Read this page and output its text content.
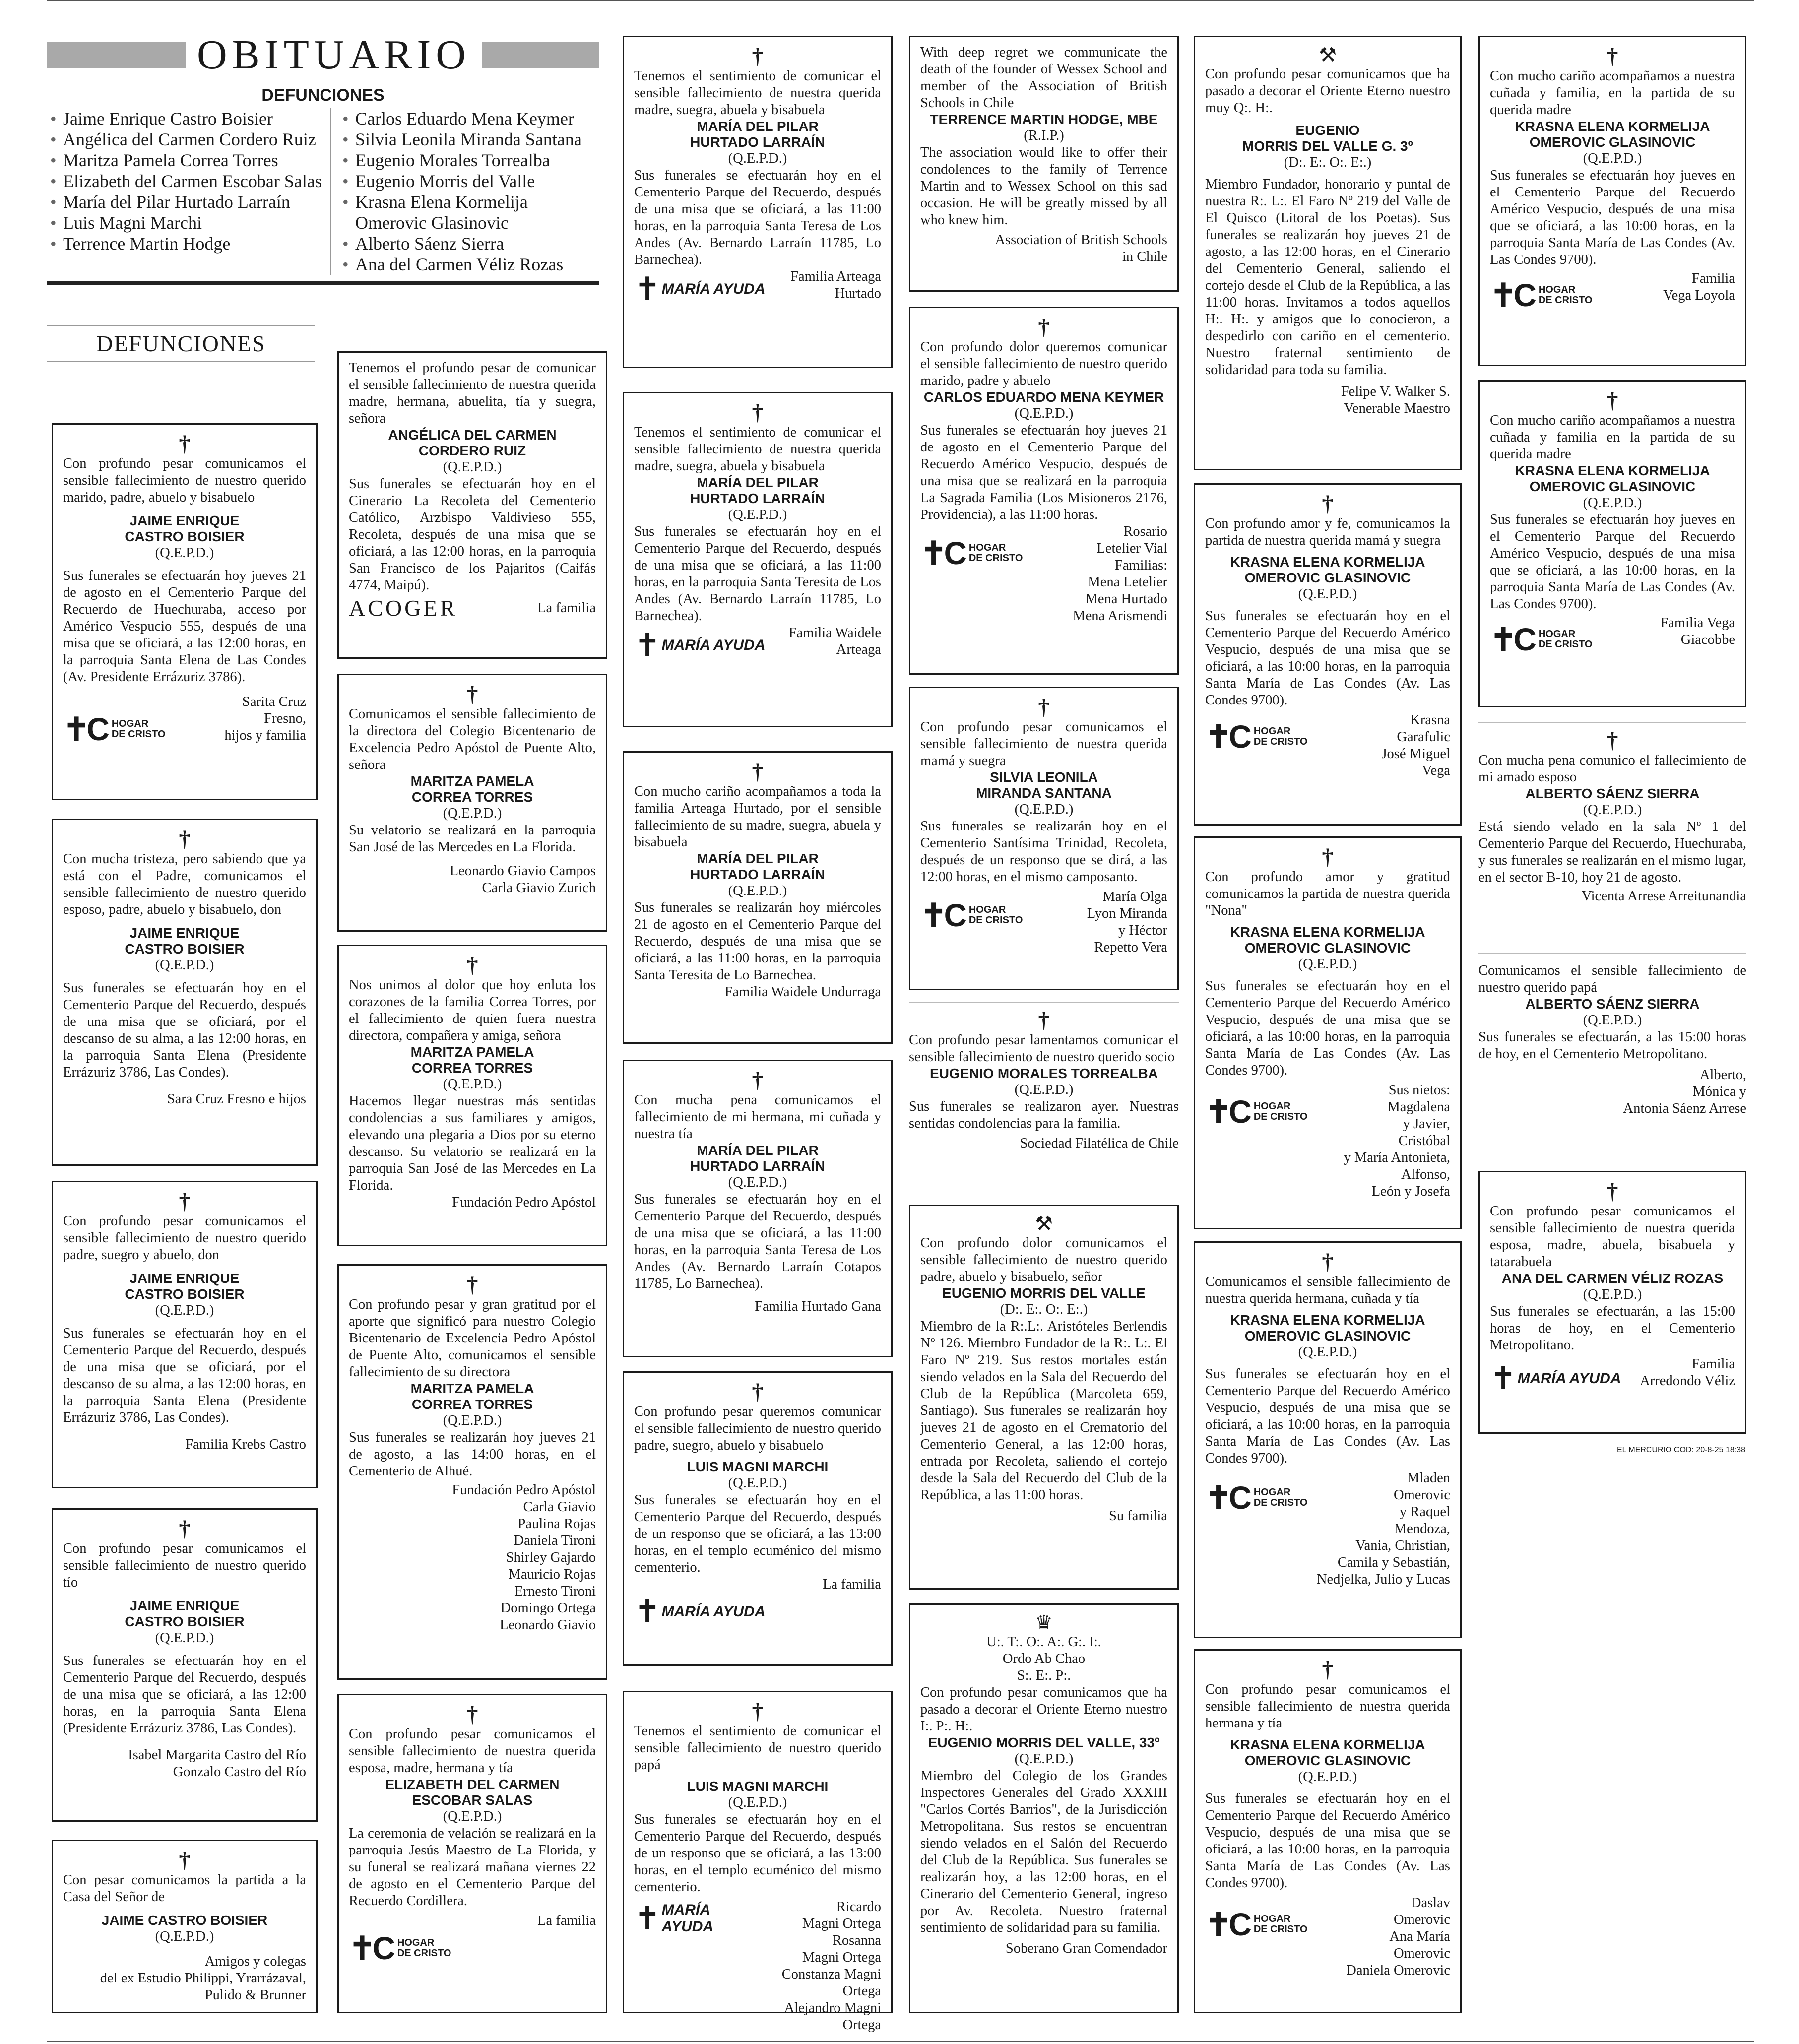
OBITUARIO
DEFUNCIONES
• Jaime Enrique Castro Boisier
• Angélica del Carmen Cordero Ruiz
• Maritza Pamela Correa Torres
• Elizabeth del Carmen Escobar Salas
• María del Pilar Hurtado Larraín
• Luis Magni Marchi
• Terrence Martin Hodge
• Carlos Eduardo Mena Keymer
• Silvia Leonila Miranda Santana
• Eugenio Morales Torrealba
• Eugenio Morris del Valle
• Krasna Elena Kormelija Omerovic Glasinovic
• Alberto Sáenz Sierra
• Ana del Carmen Véliz Rozas
DEFUNCIONES
†
Con profundo pesar comunicamos el sensible fallecimiento de nuestro querido marido, padre, abuelo y bisabuelo
JAIME ENRIQUE
CASTRO BOISIER
(Q.E.P.D.)
Sus funerales se efectuarán hoy jueves 21 de agosto en el Cementerio Parque del Recuerdo de Huechuraba, acceso por Américo Vespucio 555, después de una misa que se oficiará, a las 12:00 horas, en la parroquia Santa Elena de Las Condes (Av. Presidente Errázuriz 3786).
✝C HOGAR
DE CRISTO
Sarita Cruz
Fresno,
hijos y familia
†
Con mucha tristeza, pero sabiendo que ya está con el Padre, comunicamos el sensible fallecimiento de nuestro querido esposo, padre, abuelo y bisabuelo, don
JAIME ENRIQUE
CASTRO BOISIER
(Q.E.P.D.)
Sus funerales se efectuarán hoy en el Cementerio Parque del Recuerdo, después de una misa que se oficiará, por el descanso de su alma, a las 12:00 horas, en la parroquia Santa Elena (Presidente Errázuriz 3786, Las Condes).
Sara Cruz Fresno e hijos
†
Con profundo pesar comunicamos el sensible fallecimiento de nuestro querido padre, suegro y abuelo, don
JAIME ENRIQUE
CASTRO BOISIER
(Q.E.P.D.)
Sus funerales se efectuarán hoy en el Cementerio Parque del Recuerdo, después de una misa que se oficiará, por el descanso de su alma, a las 12:00 horas, en la parroquia Santa Elena (Presidente Errázuriz 3786, Las Condes).
Familia Krebs Castro
†
Con profundo pesar comunicamos el sensible fallecimiento de nuestro querido tío
JAIME ENRIQUE
CASTRO BOISIER
(Q.E.P.D.)
Sus funerales se efectuarán hoy en el Cementerio Parque del Recuerdo, después de una misa que se oficiará, a las 12:00 horas, en la parroquia Santa Elena (Presidente Errázuriz 3786, Las Condes).
Isabel Margarita Castro del Río
Gonzalo Castro del Río
†
Con pesar comunicamos la partida a la Casa del Señor de
JAIME CASTRO BOISIER
(Q.E.P.D.)
Amigos y colegas
del ex Estudio Philippi, Yrarrázaval,
Pulido & Brunner
Tenemos el profundo pesar de comunicar el sensible fallecimiento de nuestra querida madre, hermana, abuelita, tía y suegra, señora
ANGÉLICA DEL CARMEN
CORDERO RUIZ
(Q.E.P.D.)
Sus funerales se efectuarán hoy en el Cinerario La Recoleta del Cementerio Católico, Arzbispo Valdivieso 555, Recoleta, después de una misa que se oficiará, a las 12:00 horas, en la parroquia San Francisco de los Pajaritos (Caifás 4774, Maipú).
ACOGER	La familia
†
Comunicamos el sensible fallecimiento de la directora del Colegio Bicentenario de Excelencia Pedro Apóstol de Puente Alto, señora
MARITZA PAMELA
CORREA TORRES
(Q.E.P.D.)
Su velatorio se realizará en la parroquia San José de las Mercedes en La Florida.
Leonardo Giavio Campos
Carla Giavio Zurich
†
Nos unimos al dolor que hoy enluta los corazones de la familia Correa Torres, por el fallecimiento de quien fuera nuestra directora, compañera y amiga, señora
MARITZA PAMELA
CORREA TORRES
(Q.E.P.D.)
Hacemos llegar nuestras más sentidas condolencias a sus familiares y amigos, elevando una plegaria a Dios por su eterno descanso. Su velatorio se realizará en la parroquia San José de las Mercedes en La Florida.
Fundación Pedro Apóstol
†
Con profundo pesar y gran gratitud por el aporte que significó para nuestro Colegio Bicentenario de Excelencia Pedro Apóstol de Puente Alto, comunicamos el sensible fallecimiento de su directora
MARITZA PAMELA
CORREA TORRES
(Q.E.P.D.)
Sus funerales se realizarán hoy jueves 21 de agosto, a las 14:00 horas, en el Cementerio de Alhué.
Fundación Pedro Apóstol
Carla Giavio
Paulina Rojas
Daniela Tironi
Shirley Gajardo
Mauricio Rojas
Ernesto Tironi
Domingo Ortega
Leonardo Giavio
†
Con profundo pesar comunicamos el sensible fallecimiento de nuestra querida esposa, madre, hermana y tía
ELIZABETH DEL CARMEN
ESCOBAR SALAS
(Q.E.P.D.)
La ceremonia de velación se realizará en la parroquia Jesús Maestro de La Florida, y su funeral se realizará mañana viernes 22 de agosto en el Cementerio Parque del Recuerdo Cordillera.
La familia
✝C HOGAR
DE CRISTO
†
Tenemos el sentimiento de comunicar el sensible fallecimiento de nuestra querida madre, suegra, abuela y bisabuela
MARÍA DEL PILAR
HURTADO LARRAÍN
(Q.E.P.D.)
Sus funerales se efectuarán hoy en el Cementerio Parque del Recuerdo, después de una misa que se oficiará, a las 11:00 horas, en la parroquia Santa Teresa de Los Andes (Av. Bernardo Larraín 11785, Lo Barnechea).
✝ MARÍA AYUDA
Familia Arteaga
Hurtado
†
Tenemos el sentimiento de comunicar el sensible fallecimiento de nuestra querida madre, suegra, abuela y bisabuela
MARÍA DEL PILAR
HURTADO LARRAÍN
(Q.E.P.D.)
Sus funerales se efectuarán hoy en el Cementerio Parque del Recuerdo, después de una misa que se oficiará, a las 11:00 horas, en la parroquia Santa Teresita de Los Andes (Av. Bernardo Larraín 11785, Lo Barnechea).
✝ MARÍA AYUDA
Familia Waidele
Arteaga
†
Con mucho cariño acompañamos a toda la familia Arteaga Hurtado, por el sensible fallecimiento de su madre, suegra, abuela y bisabuela
MARÍA DEL PILAR
HURTADO LARRAÍN
(Q.E.P.D.)
Sus funerales se realizarán hoy miércoles 21 de agosto en el Cementerio Parque del Recuerdo, después de una misa que se oficiará, a las 11:00 horas, en la parroquia Santa Teresita de Lo Barnechea.
Familia Waidele Undurraga
†
Con mucha pena comunicamos el fallecimiento de mi hermana, mi cuñada y nuestra tía
MARÍA DEL PILAR
HURTADO LARRAÍN
(Q.E.P.D.)
Sus funerales se efectuarán hoy en el Cementerio Parque del Recuerdo, después de una misa que se oficiará, a las 11:00 horas, en la parroquia Santa Teresa de Los Andes (Av. Bernardo Larraín Cotapos 11785, Lo Barnechea).
Familia Hurtado Gana
†
Con profundo pesar queremos comunicar el sensible fallecimiento de nuestro querido padre, suegro, abuelo y bisabuelo
LUIS MAGNI MARCHI
(Q.E.P.D.)
Sus funerales se efectuarán hoy en el Cementerio Parque del Recuerdo, después de un responso que se oficiará, a las 13:00 horas, en el templo ecuménico del mismo cementerio.
La familia
✝ MARÍA AYUDA
†
Tenemos el sentimiento de comunicar el sensible fallecimiento de nuestro querido papá
LUIS MAGNI MARCHI
(Q.E.P.D.)
Sus funerales se efectuarán hoy en el Cementerio Parque del Recuerdo, después de un responso que se oficiará, a las 13:00 horas, en el templo ecuménico del mismo cementerio.
✝ MARÍA AYUDA
Ricardo
Magni Ortega
Rosanna
Magni Ortega
Constanza Magni Ortega
Alejandro Magni Ortega
With deep regret we communicate the death of the founder of Wessex School and member of the Association of British Schools in Chile
TERRENCE MARTIN HODGE, MBE
(R.I.P.)
The association would like to offer their condolences to the family of Terrence Martin and to Wessex School on this sad occasion. He will be greatly missed by all who knew him.
Association of British Schools
in Chile
†
Con profundo dolor queremos comunicar el sensible fallecimiento de nuestro querido marido, padre y abuelo
CARLOS EDUARDO MENA KEYMER
(Q.E.P.D.)
Sus funerales se efectuarán hoy jueves 21 de agosto en el Cementerio Parque del Recuerdo Américo Vespucio, después de una misa que se realizará en la parroquia La Sagrada Familia (Los Misioneros 2176, Providencia), a las 11:00 horas.
✝C HOGAR
DE CRISTO
Rosario
Letelier Vial
Familias:
Mena Letelier
Mena Hurtado
Mena Arismendi
†
Con profundo pesar comunicamos el sensible fallecimiento de nuestra querida mamá y suegra
SILVIA LEONILA
MIRANDA SANTANA
(Q.E.P.D.)
Sus funerales se realizarán hoy en el Cementerio Santísima Trinidad, Recoleta, después de un responso que se dirá, a las 12:00 horas, en el mismo camposanto.
✝C HOGAR
DE CRISTO
María Olga
Lyon Miranda
y Héctor
Repetto Vera
†
Con profundo pesar lamentamos comunicar el sensible fallecimiento de nuestro querido socio
EUGENIO MORALES TORREALBA
(Q.E.P.D.)
Sus funerales se realizaron ayer. Nuestras sentidas condolencias para la familia.
Sociedad Filatélica de Chile
⚒
Con profundo dolor comunicamos el sensible fallecimiento de nuestro querido padre, abuelo y bisabuelo, señor
EUGENIO MORRIS DEL VALLE
(D:. E:. O:. E:.)
Miembro de la R:.L:. Aristóteles Berlendis Nº 126. Miembro Fundador de la R:. L:. El Faro Nº 219. Sus restos mortales están siendo velados en la Sala del Recuerdo del Club de la República (Marcoleta 659, Santiago). Sus funerales se realizarán hoy jueves 21 de agosto en el Crematorio del Cementerio General, a las 12:00 horas, entrada por Recoleta, saliendo el cortejo desde la Sala del Recuerdo del Club de la República, a las 11:00 horas.
Su familia
♛
U:. T:. O:. A:. G:. I:.
Ordo Ab Chao
S:. E:. P:.
Con profundo pesar comunicamos que ha pasado a decorar el Oriente Eterno nuestro I:. P:. H:.
EUGENIO MORRIS DEL VALLE, 33º
(Q.E.P.D.)
Miembro del Colegio de los Grandes Inspectores Generales del Grado XXXIII "Carlos Cortés Barrios", de la Jurisdicción Metropolitana. Sus restos se encuentran siendo velados en el Salón del Recuerdo del Club de la República. Sus funerales se realizarán hoy, a las 12:00 horas, en el Cinerario del Cementerio General, ingreso por Av. Recoleta. Nuestro fraternal sentimiento de solidaridad para su familia.
Soberano Gran Comendador
⚒
Con profundo pesar comunicamos que ha pasado a decorar el Oriente Eterno nuestro muy Q:. H:.
EUGENIO
MORRIS DEL VALLE G. 3º
(D:. E:. O:. E:.)
Miembro Fundador, honorario y puntal de nuestra R:. L:. El Faro Nº 219 del Valle de El Quisco (Litoral de los Poetas). Sus funerales se realizarán hoy jueves 21 de agosto, a las 12:00 horas, en el Cinerario del Cementerio General, saliendo el cortejo desde el Club de la República, a las 11:00 horas. Invitamos a todos aquellos H:. H:. y amigos que lo conocieron, a despedirlo con cariño en el cementerio. Nuestro fraternal sentimiento de solidaridad para toda su familia.
Felipe V. Walker S.
Venerable Maestro
†
Con profundo amor y fe, comunicamos la partida de nuestra querida mamá y suegra
KRASNA ELENA KORMELIJA
OMEROVIC GLASINOVIC
(Q.E.P.D.)
Sus funerales se efectuarán hoy en el Cementerio Parque del Recuerdo Américo Vespucio, después de una misa que se oficiará, a las 10:00 horas, en la parroquia Santa María de Las Condes (Av. Las Condes 9700).
✝C HOGAR
DE CRISTO
Krasna
Garafulic
José Miguel
Vega
†
Con profundo amor y gratitud comunicamos la partida de nuestra querida "Nona"
KRASNA ELENA KORMELIJA
OMEROVIC GLASINOVIC
(Q.E.P.D.)
Sus funerales se efectuarán hoy en el Cementerio Parque del Recuerdo Américo Vespucio, después de una misa que se oficiará, a las 10:00 horas, en la parroquia Santa María de Las Condes (Av. Las Condes 9700).
✝C HOGAR
DE CRISTO
Sus nietos:
Magdalena
y Javier,
Cristóbal
y María Antonieta,
Alfonso,
León y Josefa
†
Comunicamos el sensible fallecimiento de nuestra querida hermana, cuñada y tía
KRASNA ELENA KORMELIJA
OMEROVIC GLASINOVIC
(Q.E.P.D.)
Sus funerales se efectuarán hoy en el Cementerio Parque del Recuerdo Américo Vespucio, después de una misa que se oficiará, a las 10:00 horas, en la parroquia Santa María de Las Condes (Av. Las Condes 9700).
✝C HOGAR
DE CRISTO
Mladen
Omerovic
y Raquel
Mendoza,
Vania, Christian,
Camila y Sebastián,
Nedjelka, Julio y Lucas
†
Con profundo pesar comunicamos el sensible fallecimiento de nuestra querida hermana y tía
KRASNA ELENA KORMELIJA
OMEROVIC GLASINOVIC
(Q.E.P.D.)
Sus funerales se efectuarán hoy en el Cementerio Parque del Recuerdo Américo Vespucio, después de una misa que se oficiará, a las 10:00 horas, en la parroquia Santa María de Las Condes (Av. Las Condes 9700).
✝C HOGAR
DE CRISTO
Daslav
Omerovic
Ana María
Omerovic
Daniela Omerovic
†
Con mucho cariño acompañamos a nuestra cuñada y familia, en la partida de su querida madre
KRASNA ELENA KORMELIJA
OMEROVIC GLASINOVIC
(Q.E.P.D.)
Sus funerales se efectuarán hoy jueves en el Cementerio Parque del Recuerdo Américo Vespucio, después de una misa que se oficiará, a las 10:00 horas, en la parroquia Santa María de Las Condes (Av. Las Condes 9700).
✝C HOGAR
DE CRISTO
Familia
Vega Loyola
†
Con mucho cariño acompañamos a nuestra cuñada y familia en la partida de su querida madre
KRASNA ELENA KORMELIJA
OMEROVIC GLASINOVIC
(Q.E.P.D.)
Sus funerales se efectuarán hoy jueves en el Cementerio Parque del Recuerdo Américo Vespucio, después de una misa que se oficiará, a las 10:00 horas, en la parroquia Santa María de Las Condes (Av. Las Condes 9700).
✝C HOGAR
DE CRISTO
Familia Vega
Giacobbe
†
Con mucha pena comunico el fallecimiento de mi amado esposo
ALBERTO SÁENZ SIERRA
(Q.E.P.D.)
Está siendo velado en la sala Nº 1 del Cementerio Parque del Recuerdo, Huechuraba, y sus funerales se realizarán en el mismo lugar, en el sector B-10, hoy 21 de agosto.
Vicenta Arrese Arreitunandia
Comunicamos el sensible fallecimiento de nuestro querido papá
ALBERTO SÁENZ SIERRA
(Q.E.P.D.)
Sus funerales se efectuarán, a las 15:00 horas de hoy, en el Cementerio Metropolitano.
Alberto,
Mónica y
Antonia Sáenz Arrese
†
Con profundo pesar comunicamos el sensible fallecimiento de nuestra querida esposa, madre, abuela, bisabuela y tatarabuela
ANA DEL CARMEN VÉLIZ ROZAS
(Q.E.P.D.)
Sus funerales se efectuarán, a las 15:00 horas de hoy, en el Cementerio Metropolitano.
✝ MARÍA AYUDA
Familia
Arredondo Véliz
EL MERCURIO COD: 20-8-25 18:38
